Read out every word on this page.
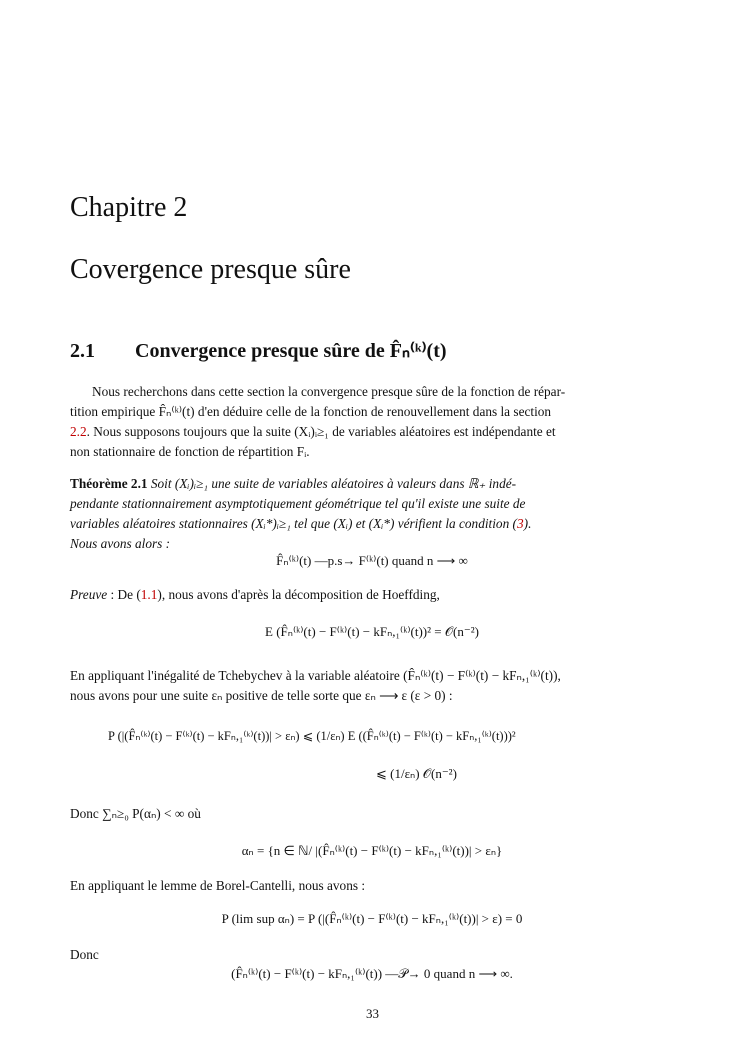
Chapitre 2
Covergence presque sûre
2.1 Convergence presque sûre de F̂ₙ⁽ᵏ⁾(t)
Nous recherchons dans cette section la convergence presque sûre de la fonction de répar-
tition empirique F̂ₙ⁽ᵏ⁾(t) d'en déduire celle de la fonction de renouvellement dans la section
2.2. Nous supposons toujours que la suite (Xᵢ)ᵢ≥₁ de variables aléatoires est indépendante et
non stationnaire de fonction de répartition Fᵢ.
Théorème 2.1 Soit (Xᵢ)ᵢ≥₁ une suite de variables aléatoires à valeurs dans ℝ₊ indé-
pendante stationnairement asymptotiquement géométrique tel qu'il existe une suite de
variables aléatoires stationnaires (Xᵢ*)ᵢ≥₁ tel que (Xᵢ) et (Xᵢ*) vérifient la condition (3).
Nous avons alors :
F̂ₙ⁽ᵏ⁾(t) —p.s→ F⁽ᵏ⁾(t) quand n ⟶ ∞
Preuve : De (1.1), nous avons d'après la décomposition de Hoeffding,
E (F̂ₙ⁽ᵏ⁾(t) − F⁽ᵏ⁾(t) − kFₙ,₁⁽ᵏ⁾(t))² = 𝒪(n⁻²)
En appliquant l'inégalité de Tchebychev à la variable aléatoire (F̂ₙ⁽ᵏ⁾(t) − F⁽ᵏ⁾(t) − kFₙ,₁⁽ᵏ⁾(t)),
nous avons pour une suite εₙ positive de telle sorte que εₙ ⟶ ε (ε > 0) :
P (|(F̂ₙ⁽ᵏ⁾(t) − F⁽ᵏ⁾(t) − kFₙ,₁⁽ᵏ⁾(t))| > εₙ) ⩽ (1/εₙ) E ((F̂ₙ⁽ᵏ⁾(t) − F⁽ᵏ⁾(t) − kFₙ,₁⁽ᵏ⁾(t)))²
⩽ (1/εₙ) 𝒪(n⁻²)
Donc ∑ₙ≥₀ P(αₙ) < ∞ où
αₙ = {n ∈ ℕ/ |(F̂ₙ⁽ᵏ⁾(t) − F⁽ᵏ⁾(t) − kFₙ,₁⁽ᵏ⁾(t))| > εₙ}
En appliquant le lemme de Borel-Cantelli, nous avons :
P (lim sup αₙ) = P (|(F̂ₙ⁽ᵏ⁾(t) − F⁽ᵏ⁾(t) − kFₙ,₁⁽ᵏ⁾(t))| > ε) = 0
Donc
(F̂ₙ⁽ᵏ⁾(t) − F⁽ᵏ⁾(t) − kFₙ,₁⁽ᵏ⁾(t)) —𝒫→ 0 quand n ⟶ ∞.
33
